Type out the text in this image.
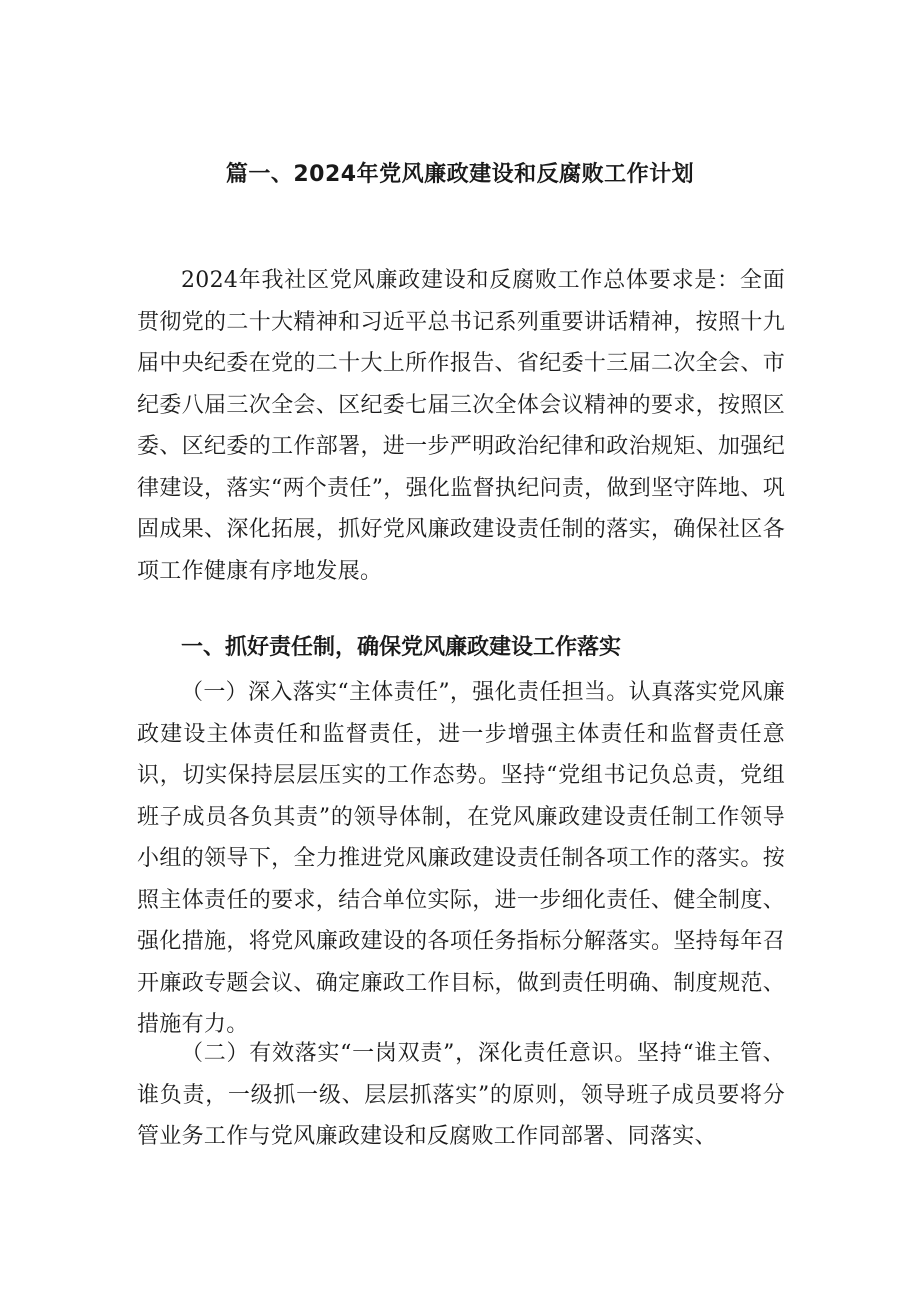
篇一、2024年党风廉政建设和反腐败工作计划

2024年我社区党风廉政建设和反腐败工作总体要求是：全面贯彻党的二十大精神和习近平总书记系列重要讲话精神，按照十九届中央纪委在党的二十大上所作报告、省纪委十三届二次全会、市纪委八届三次全会、区纪委七届三次全体会议精神的要求，按照区委、区纪委的工作部署，进一步严明政治纪律和政治规矩、加强纪律建设，落实“两个责任”，强化监督执纪问责，做到坚守阵地、巩固成果、深化拓展，抓好党风廉政建设责任制的落实，确保社区各项工作健康有序地发展。

一、抓好责任制，确保党风廉政建设工作落实

（一）深入落实“主体责任”，强化责任担当。认真落实党风廉政建设主体责任和监督责任，进一步增强主体责任和监督责任意识，切实保持层层压实的工作态势。坚持“党组书记负总责，党组班子成员各负其责”的领导体制，在党风廉政建设责任制工作领导小组的领导下，全力推进党风廉政建设责任制各项工作的落实。按照主体责任的要求，结合单位实际，进一步细化责任、健全制度、强化措施，将党风廉政建设的各项任务指标分解落实。坚持每年召开廉政专题会议、确定廉政工作目标，做到责任明确、制度规范、措施有力。

（二）有效落实“一岗双责”，深化责任意识。坚持“谁主管、谁负责，一级抓一级、层层抓落实”的原则，领导班子成员要将分管业务工作与党风廉政建设和反腐败工作同部署、同落实、
